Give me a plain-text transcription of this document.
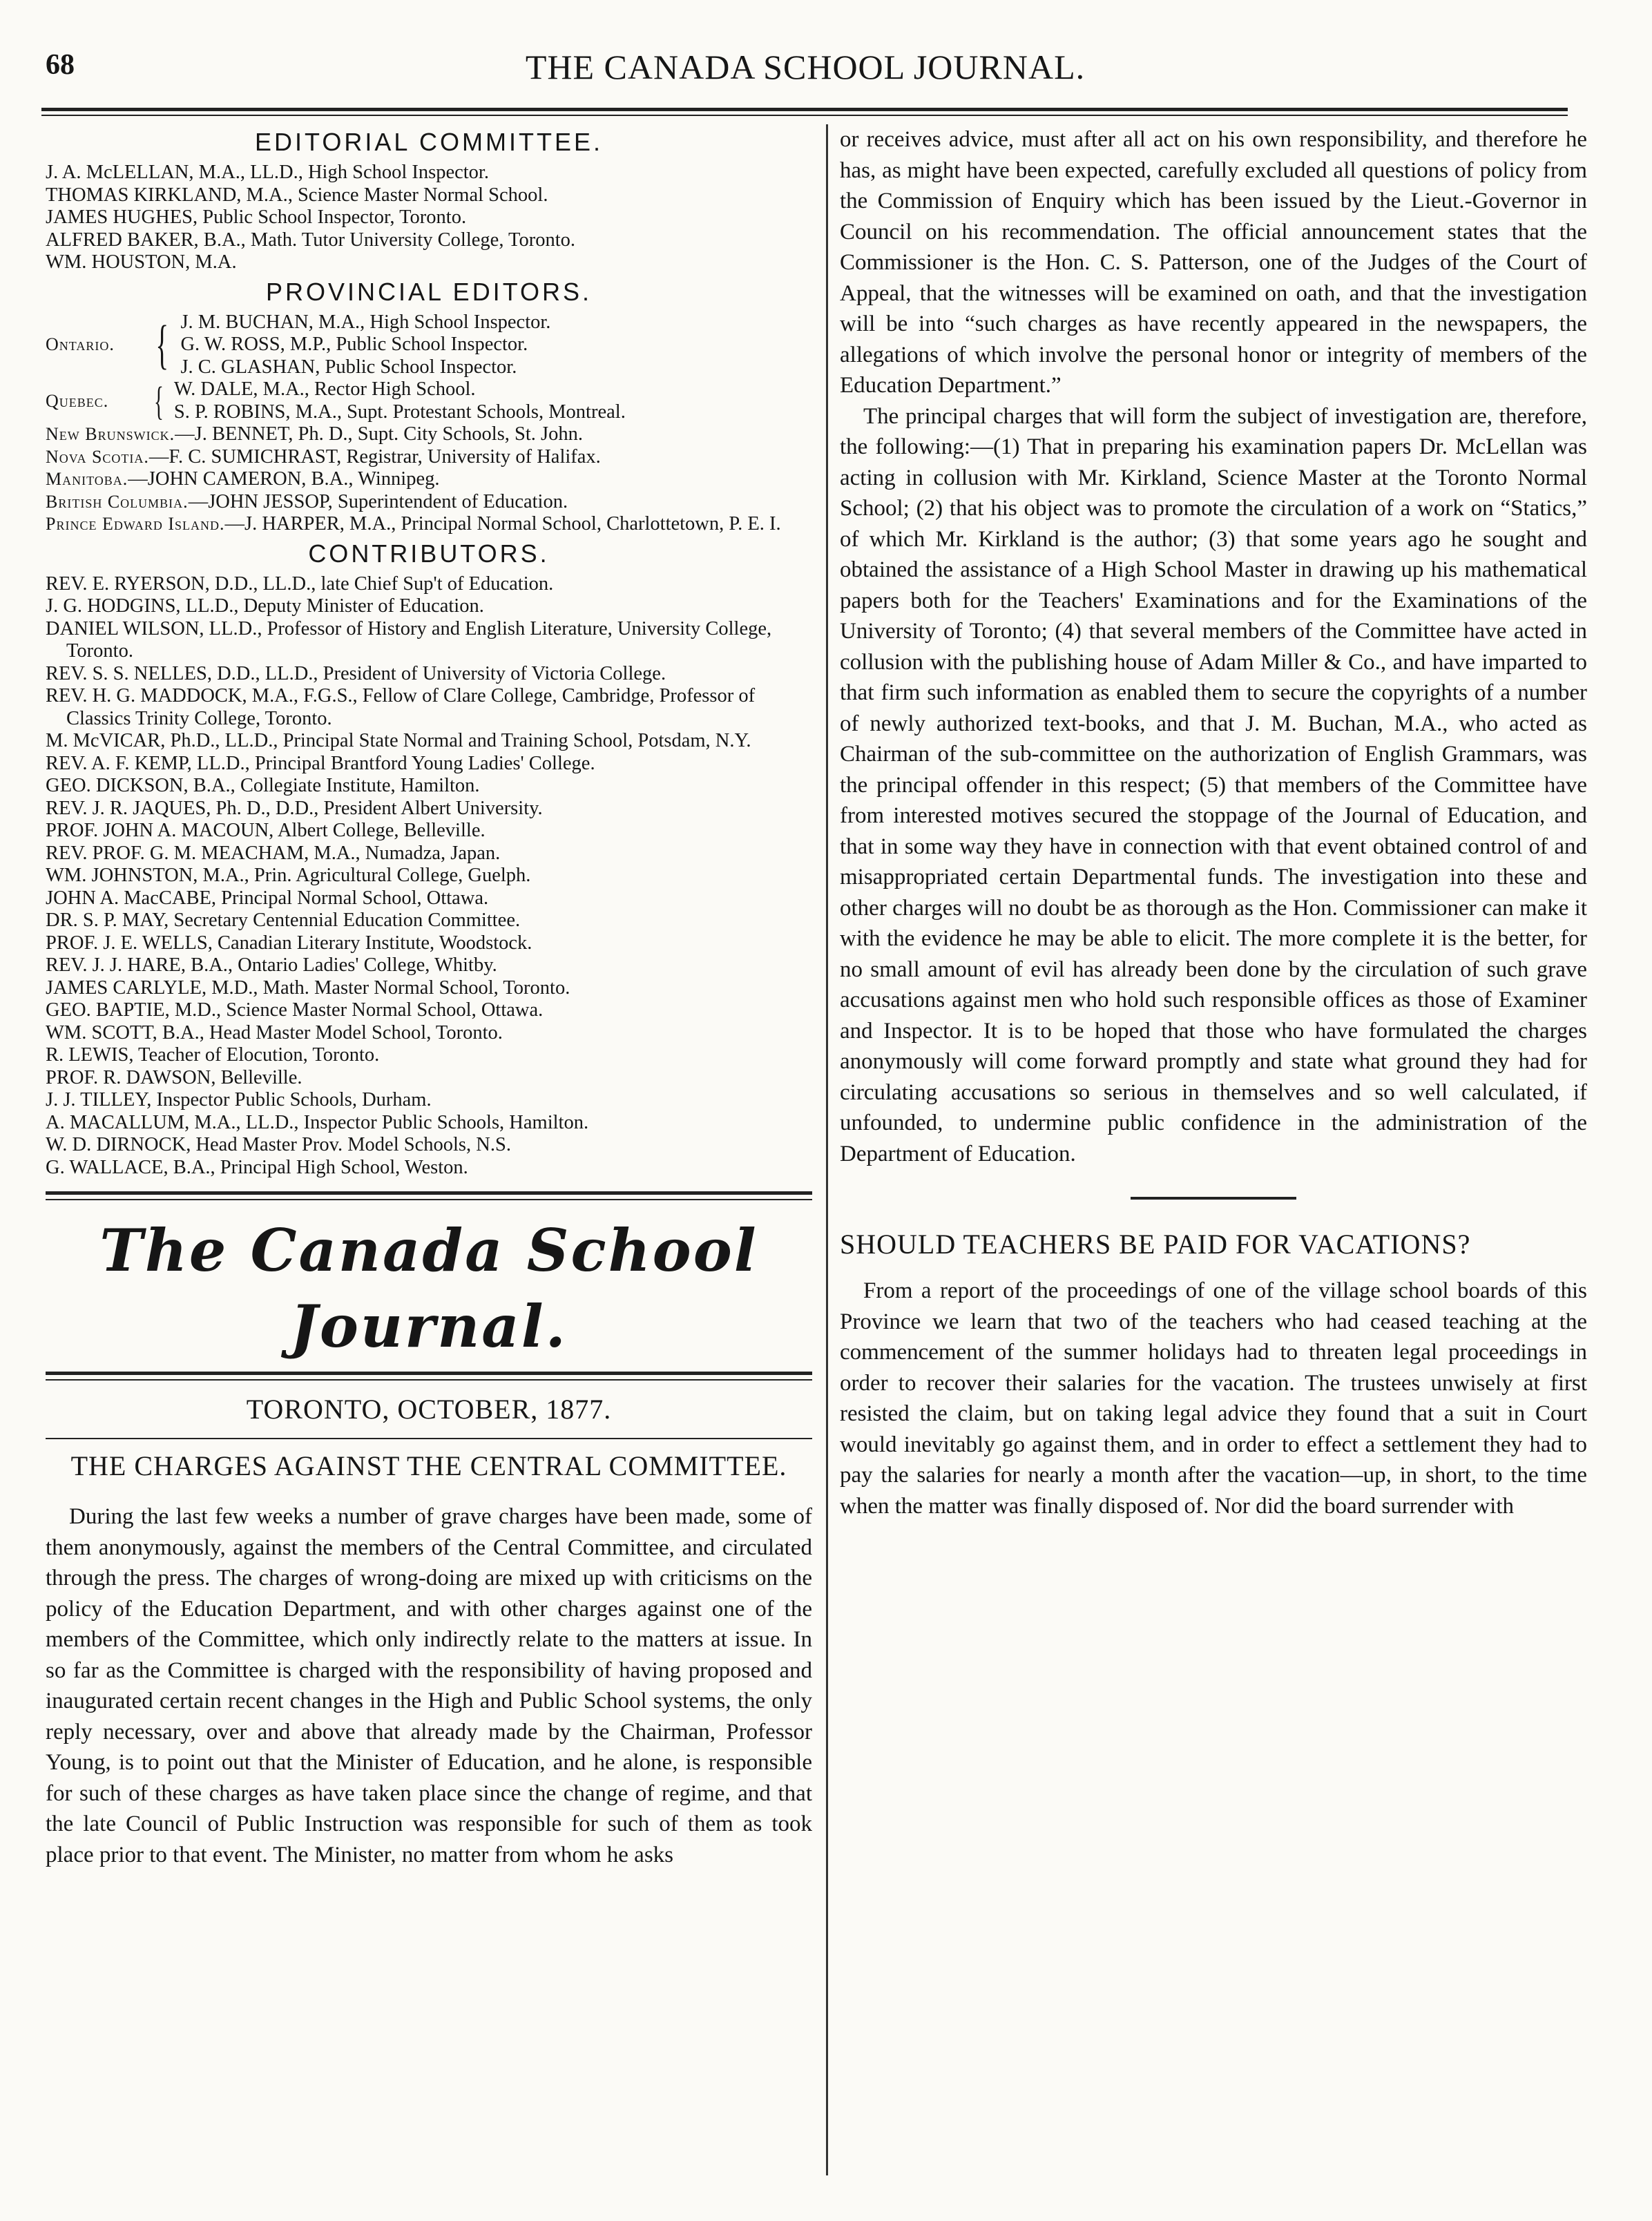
68	THE CANADA SCHOOL JOURNAL.
EDITORIAL COMMITTEE.
J. A. McLELLAN, M.A., LL.D., High School Inspector.
THOMAS KIRKLAND, M.A., Science Master Normal School.
JAMES HUGHES, Public School Inspector, Toronto.
ALFRED BAKER, B.A., Math. Tutor University College, Toronto.
WM. HOUSTON, M.A.
PROVINCIAL EDITORS.
Ontario. { J. M. BUCHAN, M.A., High School Inspector.
G. W. ROSS, M.P., Public School Inspector.
J. C. GLASHAN, Public School Inspector.
Quebec.	{ W. DALE, M.A., Rector High School.
S. P. ROBINS, M.A., Supt. Protestant Schools, Montreal.
New Brunswick.—J. BENNET, Ph. D., Supt. City Schools, St. John.
Nova Scotia.—F. C. SUMICHRAST, Registrar, University of Halifax.
Manitoba.—JOHN CAMERON, B.A., Winnipeg.
British Columbia.—JOHN JESSOP, Superintendent of Education.
Prince Edward Island.—J. HARPER, M.A., Principal Normal School, Charlottetown, P. E. I.
CONTRIBUTORS.
REV. E. RYERSON, D.D., LL.D., late Chief Sup't of Education.
J. G. HODGINS, LL.D., Deputy Minister of Education.
DANIEL WILSON, LL.D., Professor of History and English Literature, University College, Toronto.
REV. S. S. NELLES, D.D., LL.D., President of University of Victoria College.
REV. H. G. MADDOCK, M.A., F.G.S., Fellow of Clare College, Cambridge, Professor of Classics Trinity College, Toronto.
M. McVICAR, Ph.D., LL.D., Principal State Normal and Training School, Potsdam, N.Y.
REV. A. F. KEMP, LL.D., Principal Brantford Young Ladies' College.
GEO. DICKSON, B.A., Collegiate Institute, Hamilton.
REV. J. R. JAQUES, Ph. D., D.D., President Albert University.
PROF. JOHN A. MACOUN, Albert College, Belleville.
REV. PROF. G. M. MEACHAM, M.A., Numadza, Japan.
WM. JOHNSTON, M.A., Prin. Agricultural College, Guelph.
JOHN A. MacCABE, Principal Normal School, Ottawa.
DR. S. P. MAY, Secretary Centennial Education Committee.
PROF. J. E. WELLS, Canadian Literary Institute, Woodstock.
REV. J. J. HARE, B.A., Ontario Ladies' College, Whitby.
JAMES CARLYLE, M.D., Math. Master Normal School, Toronto.
GEO. BAPTIE, M.D., Science Master Normal School, Ottawa.
WM. SCOTT, B.A., Head Master Model School, Toronto.
R. LEWIS, Teacher of Elocution, Toronto.
PROF. R. DAWSON, Belleville.
J. J. TILLEY, Inspector Public Schools, Durham.
A. MACALLUM, M.A., LL.D., Inspector Public Schools, Hamilton.
W. D. DIRNOCK, Head Master Prov. Model Schools, N.S.
G. WALLACE, B.A., Principal High School, Weston.
The Canada School Journal.
TORONTO, OCTOBER, 1877.
THE CHARGES AGAINST THE CENTRAL COMMITTEE.

During the last few weeks a number of grave charges have been made, some of them anonymously, against the members of the Central Committee, and circulated through the press. The charges of wrong-doing are mixed up with criticisms on the policy of the Education Department, and with other charges against one of the members of the Committee, which only indirectly relate to the matters at issue. In so far as the Committee is charged with the responsibility of having proposed and inaugurated certain recent changes in the High and Public School systems, the only reply necessary, over and above that already made by the Chairman, Professor Young, is to point out that the Minister of Education, and he alone, is responsible for such of these charges as have taken place since the change of regime, and that the late Council of Public Instruction was responsible for such of them as took place prior to that event. The Minister, no matter from whom he asks

or receives advice, must after all act on his own responsibility, and therefore he has, as might have been expected, carefully excluded all questions of policy from the Commission of Enquiry which has been issued by the Lieut.-Governor in Council on his recommendation. The official announcement states that the Commissioner is the Hon. C. S. Patterson, one of the Judges of the Court of Appeal, that the witnesses will be examined on oath, and that the investigation will be into “such charges as have recently appeared in the newspapers, the allegations of which involve the personal honor or integrity of members of the Education Department.”

The principal charges that will form the subject of investigation are, therefore, the following:—(1) That in preparing his examination papers Dr. McLellan was acting in collusion with Mr. Kirkland, Science Master at the Toronto Normal School; (2) that his object was to promote the circulation of a work on “Statics,” of which Mr. Kirkland is the author; (3) that some years ago he sought and obtained the assistance of a High School Master in drawing up his mathematical papers both for the Teachers' Examinations and for the Examinations of the University of Toronto; (4) that several members of the Committee have acted in collusion with the publishing house of Adam Miller & Co., and have imparted to that firm such information as enabled them to secure the copyrights of a number of newly authorized text-books, and that J. M. Buchan, M.A., who acted as Chairman of the sub-committee on the authorization of English Grammars, was the principal offender in this respect; (5) that members of the Committee have from interested motives secured the stoppage of the Journal of Education, and that in some way they have in connection with that event obtained control of and misappropriated certain Departmental funds. The investigation into these and other charges will no doubt be as thorough as the Hon. Commissioner can make it with the evidence he may be able to elicit. The more complete it is the better, for no small amount of evil has already been done by the circulation of such grave accusations against men who hold such responsible offices as those of Examiner and Inspector. It is to be hoped that those who have formulated the charges anonymously will come forward promptly and state what ground they had for circulating accusations so serious in themselves and so well calculated, if unfounded, to undermine public confidence in the administration of the Department of Education.

SHOULD TEACHERS BE PAID FOR VACATIONS?

From a report of the proceedings of one of the village school boards of this Province we learn that two of the teachers who had ceased teaching at the commencement of the summer holidays had to threaten legal proceedings in order to recover their salaries for the vacation. The trustees unwisely at first resisted the claim, but on taking legal advice they found that a suit in Court would inevitably go against them, and in order to effect a settlement they had to pay the salaries for nearly a month after the vacation—up, in short, to the time when the matter was finally disposed of. Nor did the board surrender with
